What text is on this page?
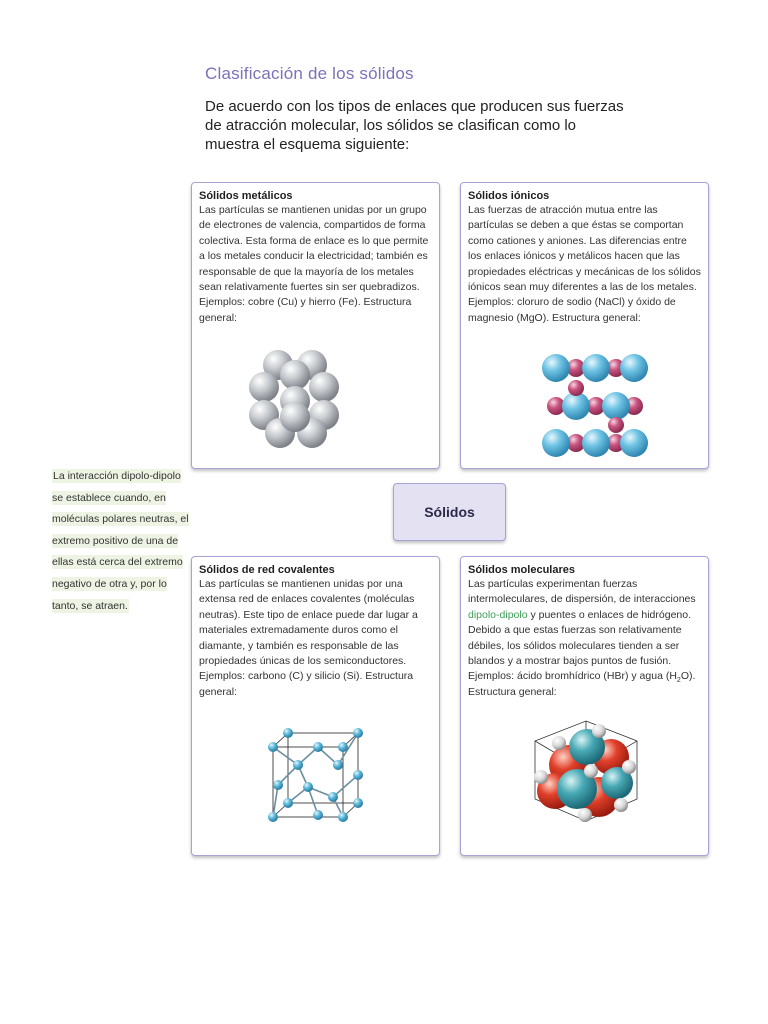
Clasificación de los sólidos
De acuerdo con los tipos de enlaces que producen sus fuerzas de atracción molecular, los sólidos se clasifican como lo muestra el esquema siguiente:
Sólidos metálicos
Las partículas se mantienen unidas por un grupo de electrones de valencia, compartidos de forma colectiva. Esta forma de enlace es lo que permite a los metales conducir la electricidad; también es responsable de que la mayoría de los metales sean relativamente fuertes sin ser quebradizos. Ejemplos: cobre (Cu) y hierro (Fe). Estructura general:
Sólidos iónicos
Las fuerzas de atracción mutua entre las partículas se deben a que éstas se comportan como cationes y aniones. Las diferencias entre los enlaces iónicos y metálicos hacen que las propiedades eléctricas y mecánicas de los sólidos iónicos sean muy diferentes a las de los metales. Ejemplos: cloruro de sodio (NaCl) y óxido de magnesio (MgO). Estructura general:
Sólidos
La interacción dipolo-dipolo se establece cuando, en moléculas polares neutras, el extremo positivo de una de ellas está cerca del extremo negativo de otra y, por lo tanto, se atraen.
Sólidos de red covalentes
Las partículas se mantienen unidas por una extensa red de enlaces covalentes (moléculas neutras). Este tipo de enlace puede dar lugar a materiales extremadamente duros como el diamante, y también es responsable de las propiedades únicas de los semiconductores. Ejemplos: carbono (C) y silicio (Si). Estructura general:
Sólidos moleculares
Las partículas experimentan fuerzas intermoleculares, de dispersión, de interacciones dipolo-dipolo y puentes o enlaces de hidrógeno. Debido a que estas fuerzas son relativamente débiles, los sólidos moleculares tienden a ser blandos y a mostrar bajos puntos de fusión. Ejemplos: ácido bromhídrico (HBr) y agua $(H_2O)$. Estructura general:
